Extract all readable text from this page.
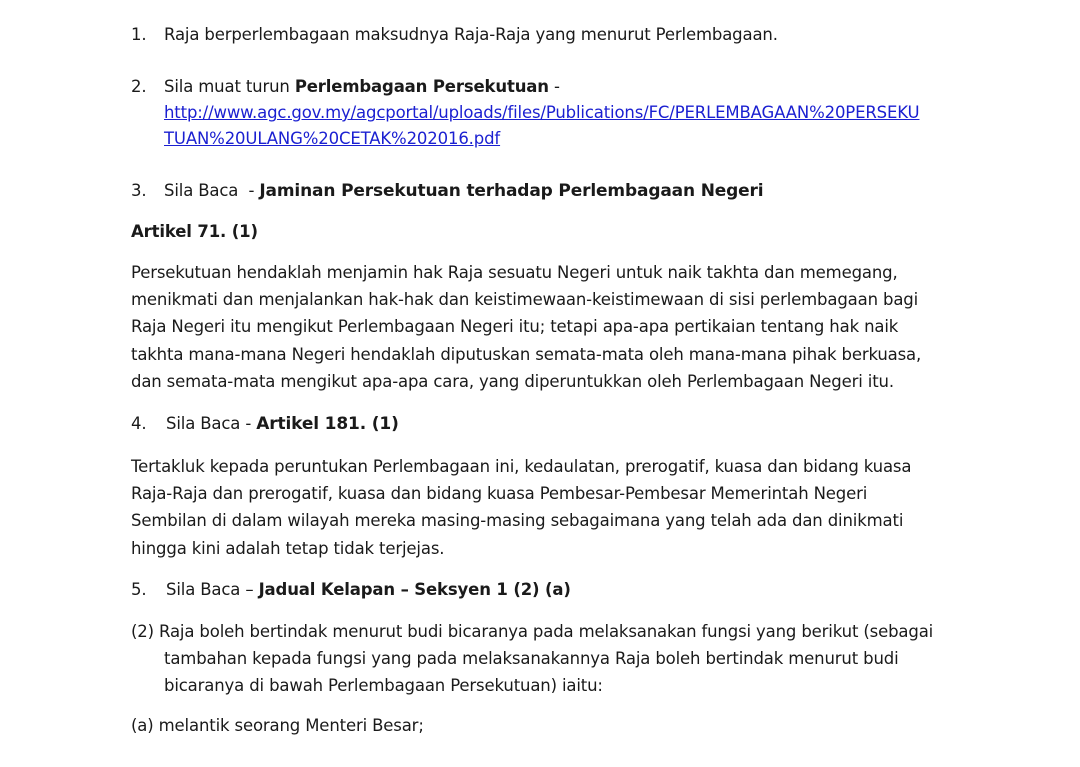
1. Raja berperlembagaan maksudnya Raja-Raja yang menurut Perlembagaan.
2. Sila muat turun Perlembagaan Persekutuan -
http://www.agc.gov.my/agcportal/uploads/files/Publications/FC/PERLEMBAGAAN%20PERSEKU
TUAN%20ULANG%20CETAK%202016.pdf
3. Sila Baca  - Jaminan Persekutuan terhadap Perlembagaan Negeri
Artikel 71. (1)
Persekutuan hendaklah menjamin hak Raja sesuatu Negeri untuk naik takhta dan memegang,
menikmati dan menjalankan hak-hak dan keistimewaan-keistimewaan di sisi perlembagaan bagi
Raja Negeri itu mengikut Perlembagaan Negeri itu; tetapi apa-apa pertikaian tentang hak naik
takhta mana-mana Negeri hendaklah diputuskan semata-mata oleh mana-mana pihak berkuasa,
dan semata-mata mengikut apa-apa cara, yang diperuntukkan oleh Perlembagaan Negeri itu.
4. Sila Baca - Artikel 181. (1)
Tertakluk kepada peruntukan Perlembagaan ini, kedaulatan, prerogatif, kuasa dan bidang kuasa
Raja-Raja dan prerogatif, kuasa dan bidang kuasa Pembesar-Pembesar Memerintah Negeri
Sembilan di dalam wilayah mereka masing-masing sebagaimana yang telah ada dan dinikmati
hingga kini adalah tetap tidak terjejas.
5. Sila Baca – Jadual Kelapan – Seksyen 1 (2) (a)
(2) Raja boleh bertindak menurut budi bicaranya pada melaksanakan fungsi yang berikut (sebagai
tambahan kepada fungsi yang pada melaksanakannya Raja boleh bertindak menurut budi
bicaranya di bawah Perlembagaan Persekutuan) iaitu:
(a) melantik seorang Menteri Besar;
